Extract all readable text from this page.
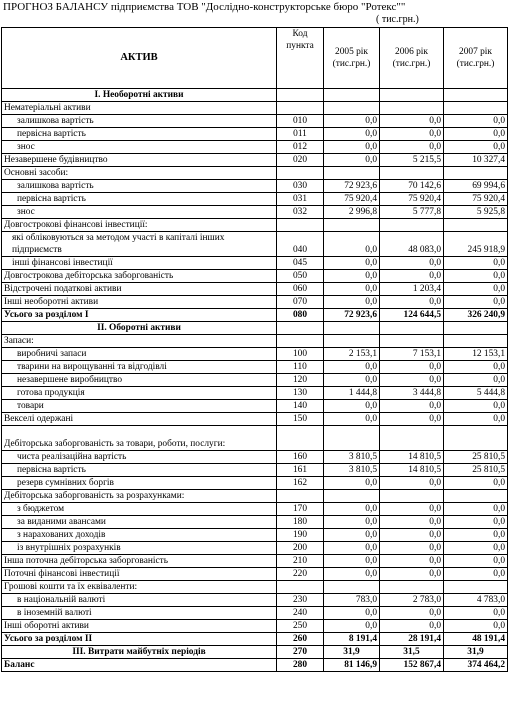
ПРОГНОЗ БАЛАНСУ підприємства ТОВ "Дослідно-конструкторське бюро "Ротекс""
( тис.грн.)
АКТИВ	Код пункта	2005 рік (тис.грн.)	2006 рік (тис.грн.)	2007 рік (тис.грн.)
І. Необоротні активи				
Нематеріальні активи				
залишкова вартість	010	0,0	0,0	0,0
первісна вартість	011	0,0	0,0	0,0
знос	012	0,0	0,0	0,0
Незавершене будівництво	020	0,0	5 215,5	10 327,4
Основні засоби:				
залишкова вартість	030	72 923,6	70 142,6	69 994,6
первісна вартість	031	75 920,4	75 920,4	75 920,4
знос	032	2 996,8	5 777,8	5 925,8
Довгострокові фінансові інвестиції:				
які обліковуються за методом участі в капіталі інших підприємств	040	0,0	48 083,0	245 918,9
інші фінансові інвестиції	045	0,0	0,0	0,0
Довгострокова дебіторська заборгованість	050	0,0	0,0	0,0
Відстрочені податкові активи	060	0,0	1 203,4	0,0
Інші необоротні активи	070	0,0	0,0	0,0
Усього за розділом І	080	72 923,6	124 644,5	326 240,9
ІІ. Оборотні активи				
Запаси:				
виробничі запаси	100	2 153,1	7 153,1	12 153,1
тварини на вирощуванні та відгодівлі	110	0,0	0,0	0,0
незавершене виробництво	120	0,0	0,0	0,0
готова продукція	130	1 444,8	3 444,8	5 444,8
товари	140	0,0	0,0	0,0
Векселі одержані	150	0,0	0,0	0,0
Дебіторська заборгованість за товари, роботи, послуги:				
чиста реалізаційна вартість	160	3 810,5	14 810,5	25 810,5
первісна вартість	161	3 810,5	14 810,5	25 810,5
резерв сумнівних боргів	162	0,0	0,0	0,0
Дебіторська заборгованість за розрахунками:				
з бюджетом	170	0,0	0,0	0,0
за виданими авансами	180	0,0	0,0	0,0
з нарахованих доходів	190	0,0	0,0	0,0
із внутрішніх розрахунків	200	0,0	0,0	0,0
Інша поточна дебіторська заборгованість	210	0,0	0,0	0,0
Поточні фінансові інвестиції	220	0,0	0,0	0,0
Грошові кошти та їх еквіваленти:				
в національній валюті	230	783,0	2 783,0	4 783,0
в іноземній валюті	240	0,0	0,0	0,0
Інші оборотні активи	250	0,0	0,0	0,0
Усього за розділом ІІ	260	8 191,4	28 191,4	48 191,4
ІІІ. Витрати майбутніх періодів	270	31,9	31,5	31,9
Баланс	280	81 146,9	152 867,4	374 464,2
